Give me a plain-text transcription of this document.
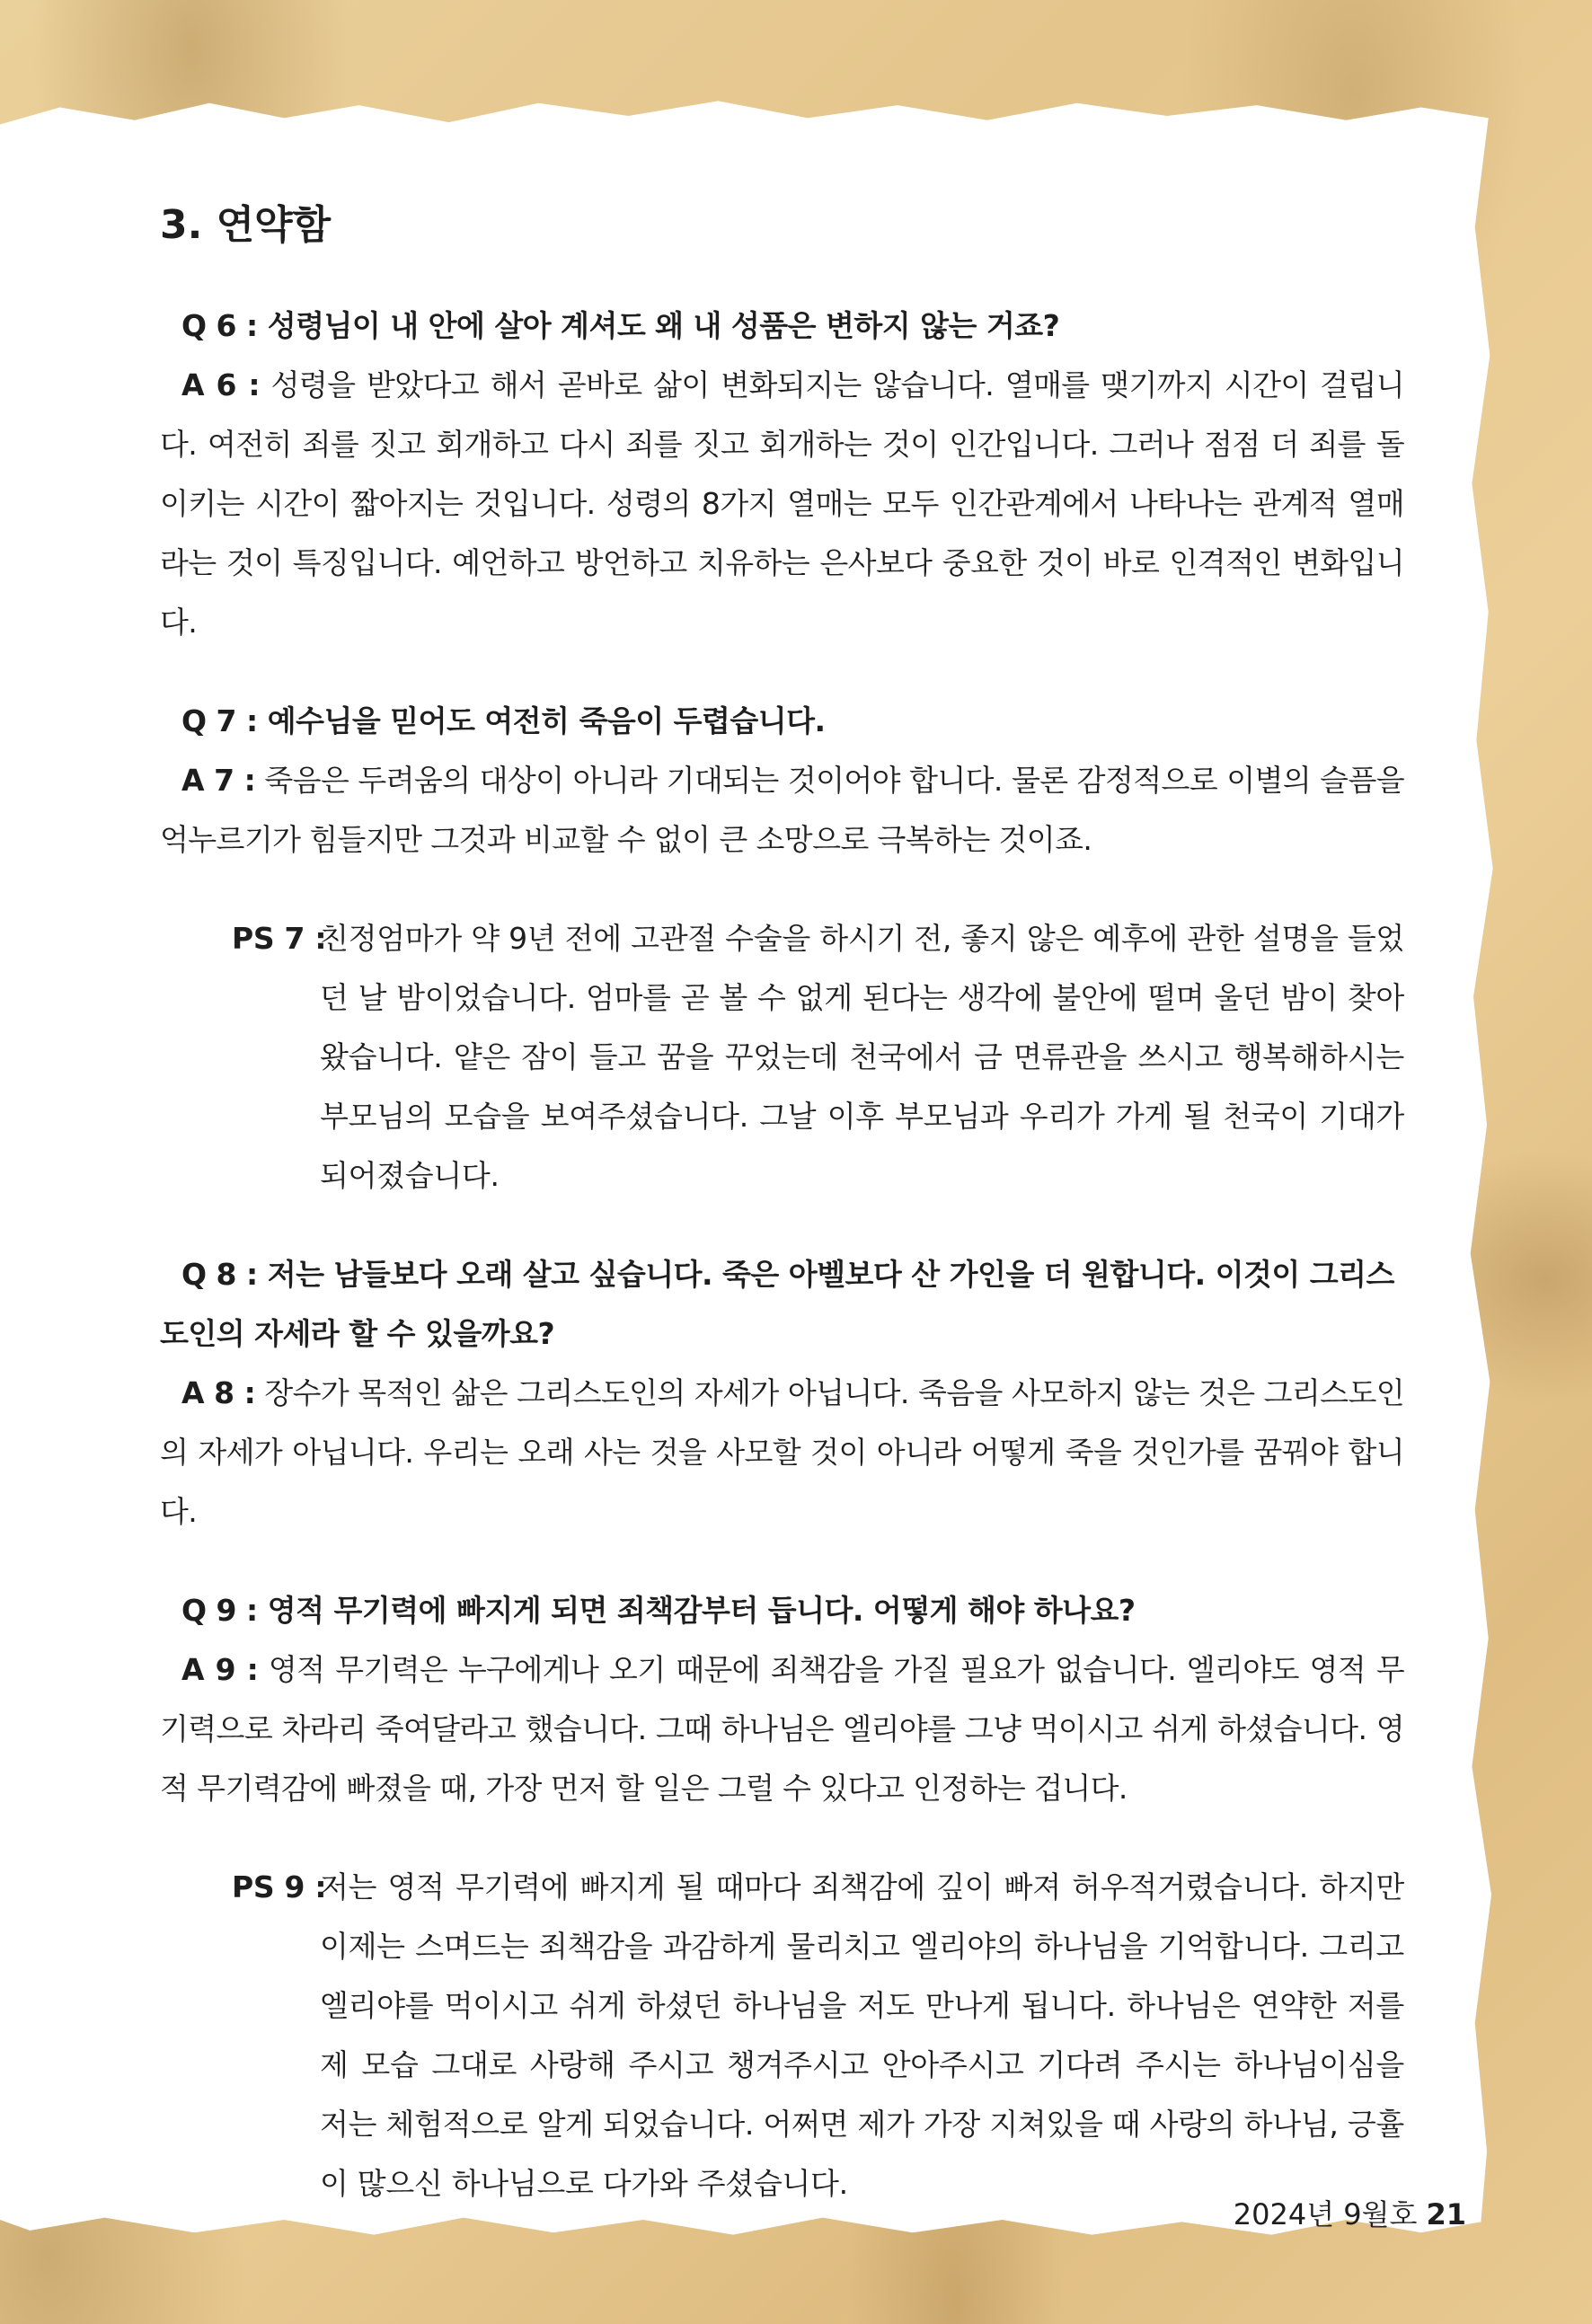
3. 연약함

Q 6 : 성령님이 내 안에 살아 계셔도 왜 내 성품은 변하지 않는 거죠?

A 6 : 성령을 받았다고 해서 곧바로 삶이 변화되지는 않습니다. 열매를 맺기까지 시간이 걸립니다. 여전히 죄를 짓고 회개하고 다시 죄를 짓고 회개하는 것이 인간입니다. 그러나 점점 더 죄를 돌이키는 시간이 짧아지는 것입니다. 성령의 8가지 열매는 모두 인간관계에서 나타나는 관계적 열매라는 것이 특징입니다. 예언하고 방언하고 치유하는 은사보다 중요한 것이 바로 인격적인 변화입니다.

Q 7 : 예수님을 믿어도 여전히 죽음이 두렵습니다.

A 7 : 죽음은 두려움의 대상이 아니라 기대되는 것이어야 합니다. 물론 감정적으로 이별의 슬픔을 억누르기가 힘들지만 그것과 비교할 수 없이 큰 소망으로 극복하는 것이죠.

PS 7 :
친정엄마가 약 9년 전에 고관절 수술을 하시기 전, 좋지 않은 예후에 관한 설명을 들었던 날 밤이었습니다. 엄마를 곧 볼 수 없게 된다는 생각에 불안에 떨며 울던 밤이 찾아왔습니다. 얕은 잠이 들고 꿈을 꾸었는데 천국에서 금 면류관을 쓰시고 행복해하시는 부모님의 모습을 보여주셨습니다. 그날 이후 부모님과 우리가 가게 될 천국이 기대가 되어졌습니다.

Q 8 : 저는 남들보다 오래 살고 싶습니다. 죽은 아벨보다 산 가인을 더 원합니다. 이것이 그리스도인의 자세라 할 수 있을까요?

A 8 : 장수가 목적인 삶은 그리스도인의 자세가 아닙니다. 죽음을 사모하지 않는 것은 그리스도인의 자세가 아닙니다. 우리는 오래 사는 것을 사모할 것이 아니라 어떻게 죽을 것인가를 꿈꿔야 합니다.

Q 9 : 영적 무기력에 빠지게 되면 죄책감부터 듭니다. 어떻게 해야 하나요?

A 9 : 영적 무기력은 누구에게나 오기 때문에 죄책감을 가질 필요가 없습니다. 엘리야도 영적 무기력으로 차라리 죽여달라고 했습니다. 그때 하나님은 엘리야를 그냥 먹이시고 쉬게 하셨습니다. 영적 무기력감에 빠졌을 때, 가장 먼저 할 일은 그럴 수 있다고 인정하는 겁니다.

PS 9 :
저는 영적 무기력에 빠지게 될 때마다 죄책감에 깊이 빠져 허우적거렸습니다. 하지만 이제는 스며드는 죄책감을 과감하게 물리치고 엘리야의 하나님을 기억합니다. 그리고 엘리야를 먹이시고 쉬게 하셨던 하나님을 저도 만나게 됩니다. 하나님은 연약한 저를 제 모습 그대로 사랑해 주시고 챙겨주시고 안아주시고 기다려 주시는 하나님이심을 저는 체험적으로 알게 되었습니다. 어쩌면 제가 가장 지쳐있을 때 사랑의 하나님, 긍휼이 많으신 하나님으로 다가와 주셨습니다.
2024년 9월호 21
